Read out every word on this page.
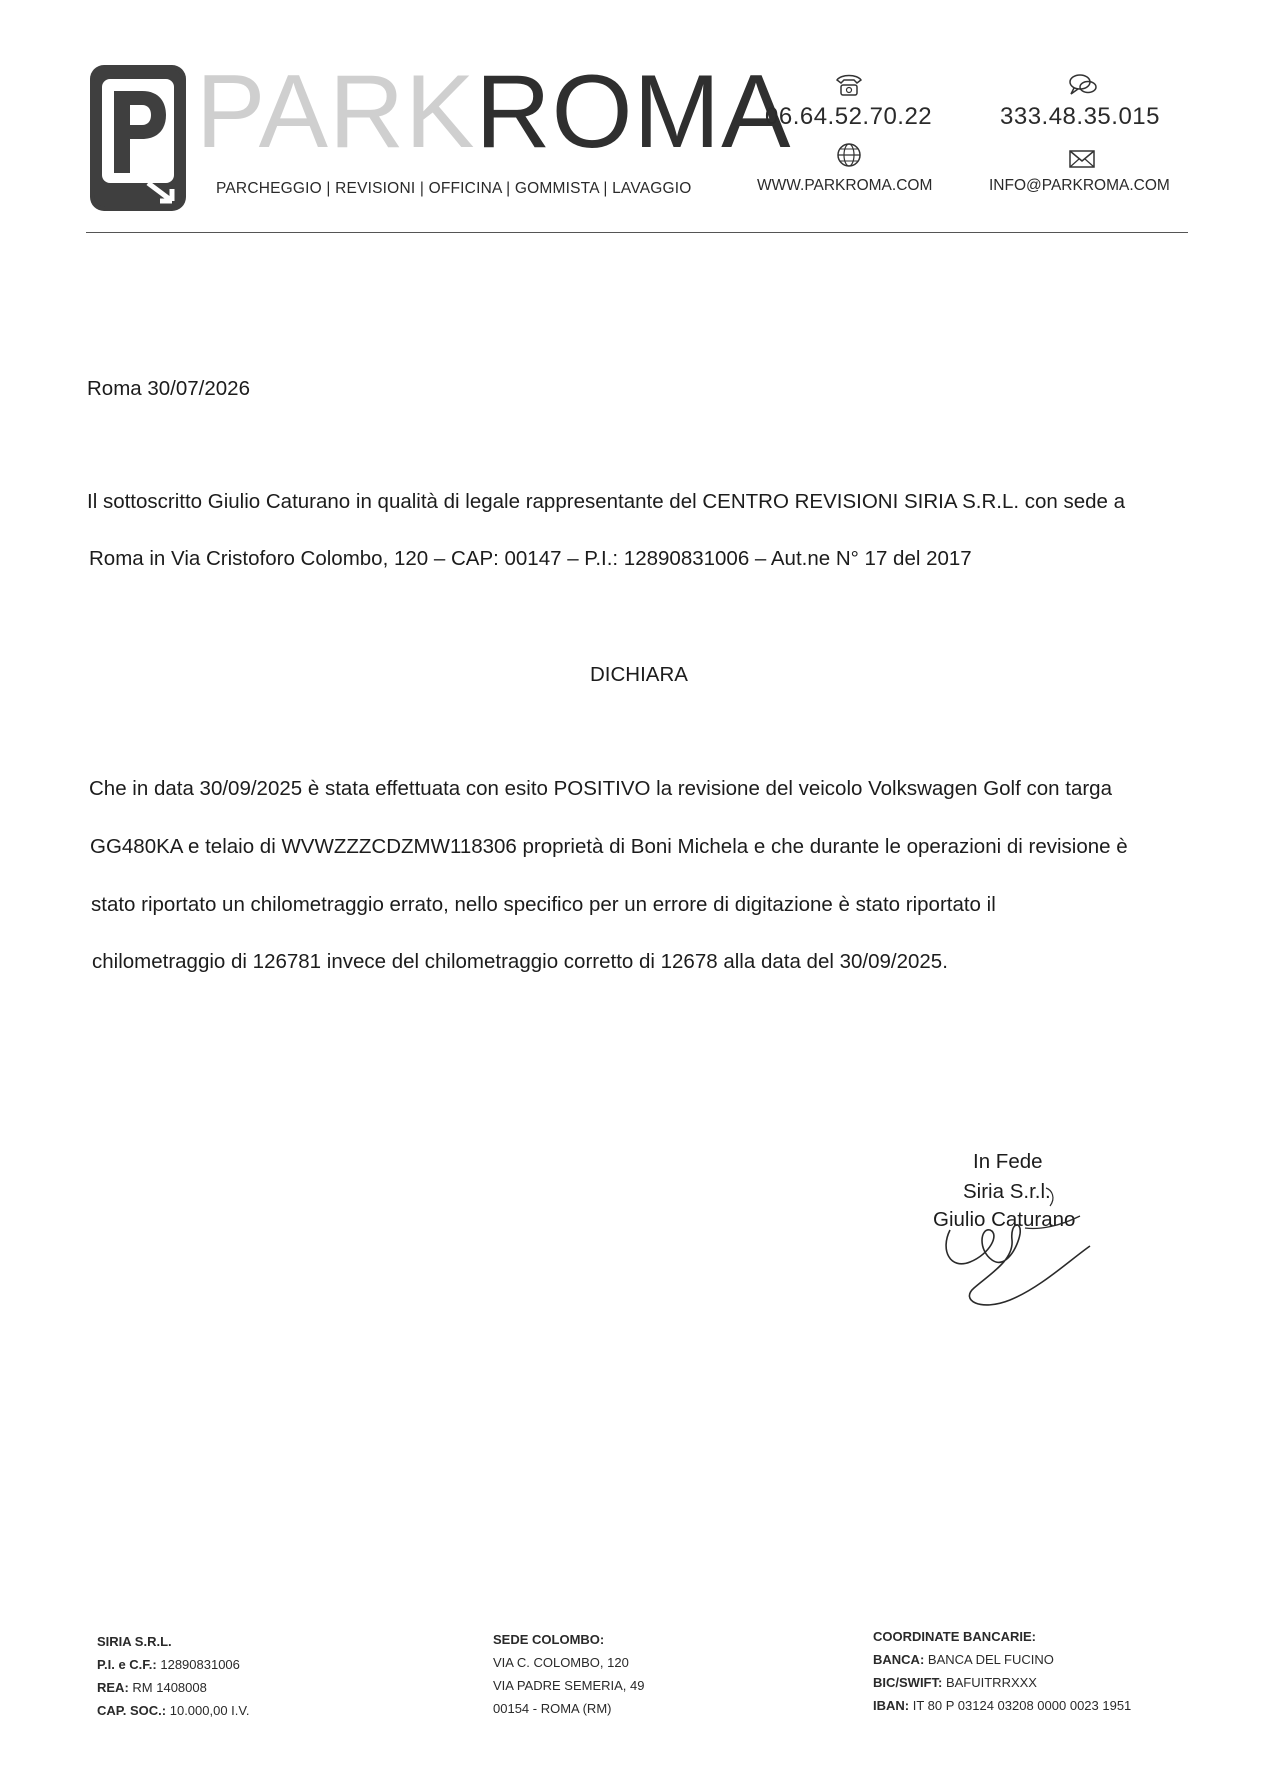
PARKROMA
PARCHEGGIO | REVISIONI | OFFICINA | GOMMISTA | LAVAGGIO
06.64.52.70.22	333.48.35.015
WWW.PARKROMA.COM	INFO@PARKROMA.COM
Roma 30/07/2026
Il sottoscritto Giulio Caturano in qualità di legale rappresentante del CENTRO REVISIONI SIRIA S.R.L. con sede a
Roma in Via Cristoforo Colombo, 120 – CAP: 00147 – P.I.: 12890831006 – Aut.ne N° 17 del 2017
DICHIARA
Che in data 30/09/2025 è stata effettuata con esito POSITIVO la revisione del veicolo Volkswagen Golf con targa
GG480KA e telaio di WVWZZZCDZMW118306 proprietà di Boni Michela e che durante le operazioni di revisione è
stato riportato un chilometraggio errato, nello specifico per un errore di digitazione è stato riportato il
chilometraggio di 126781 invece del chilometraggio corretto di 12678 alla data del 30/09/2025.
In Fede
Siria S.r.l.
Giulio Caturano
SIRIA S.R.L.
P.I. e C.F.: 12890831006
REA: RM 1408008
CAP. SOC.: 10.000,00 I.V.
SEDE COLOMBO:
VIA C. COLOMBO, 120
VIA PADRE SEMERIA, 49
00154 - ROMA (RM)
COORDINATE BANCARIE:
BANCA: BANCA DEL FUCINO
BIC/SWIFT: BAFUITRRXXX
IBAN: IT 80 P 03124 03208 0000 0023 1951
